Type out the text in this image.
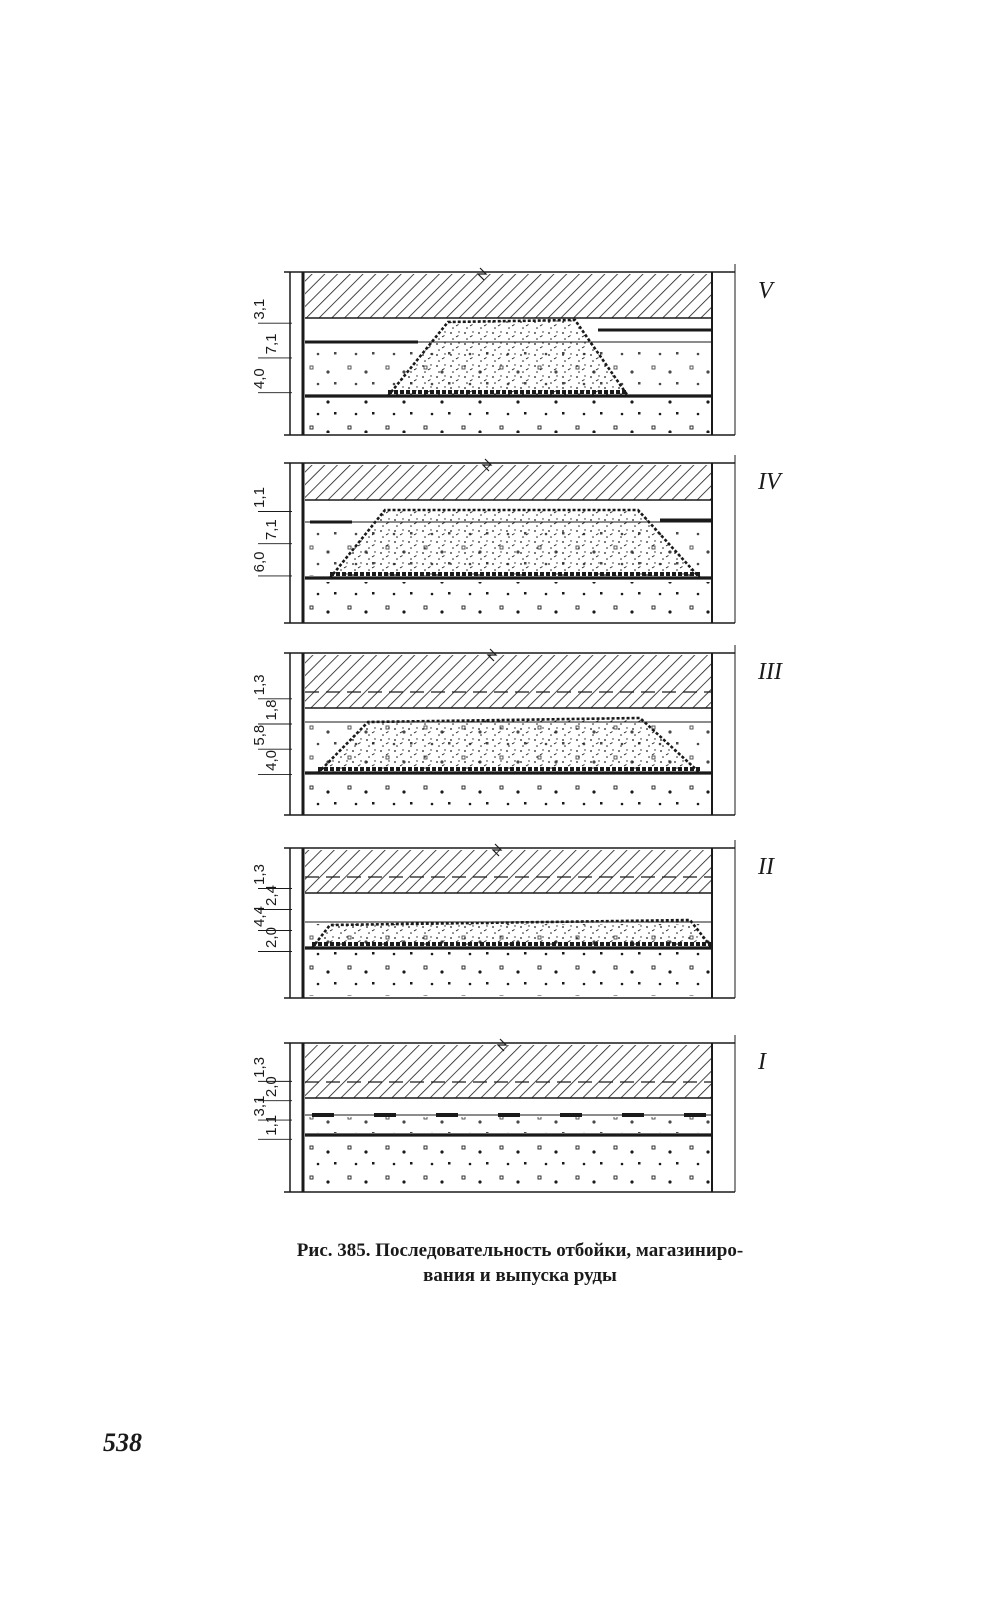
V
3,1
7,1
4,0
IV
1,1
7,1
6,0
III
1,3
1,8
5,8
4,0
II
1,3
2,4
4,4
2,0
I
1,3
2,0
3,1
1,1
Рис. 385. Последовательность отбойки, магазиниро-
вания и выпуска руды
538
